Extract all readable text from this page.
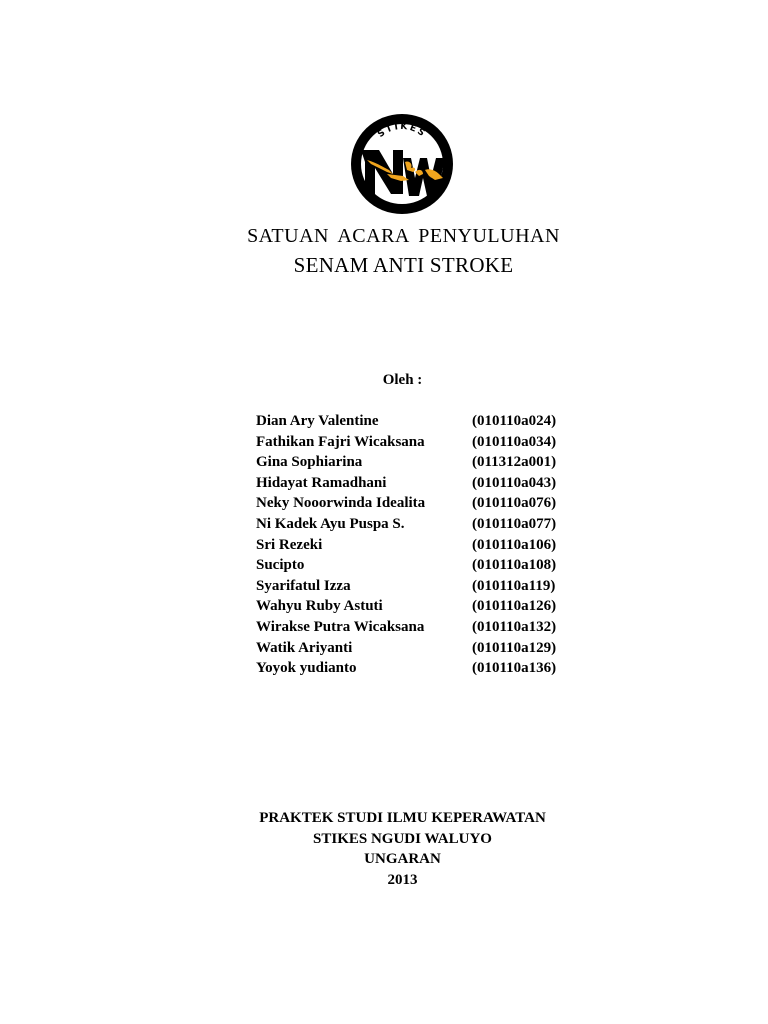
STIKES
SATUAN ACARA PENYULUHAN
SENAM ANTI STROKE
Oleh :
Dian Ary Valentine	(010110a024)
Fathikan Fajri Wicaksana	(010110a034)
Gina Sophiarina	(011312a001)
Hidayat Ramadhani	(010110a043)
Neky Nooorwinda Idealita	(010110a076)
Ni Kadek Ayu Puspa S.	(010110a077)
Sri Rezeki	(010110a106)
Sucipto	(010110a108)
Syarifatul Izza	(010110a119)
Wahyu Ruby Astuti	(010110a126)
Wirakse Putra Wicaksana	(010110a132)
Watik Ariyanti	(010110a129)
Yoyok yudianto	(010110a136)
PRAKTEK STUDI ILMU KEPERAWATAN
STIKES NGUDI WALUYO
UNGARAN
2013
